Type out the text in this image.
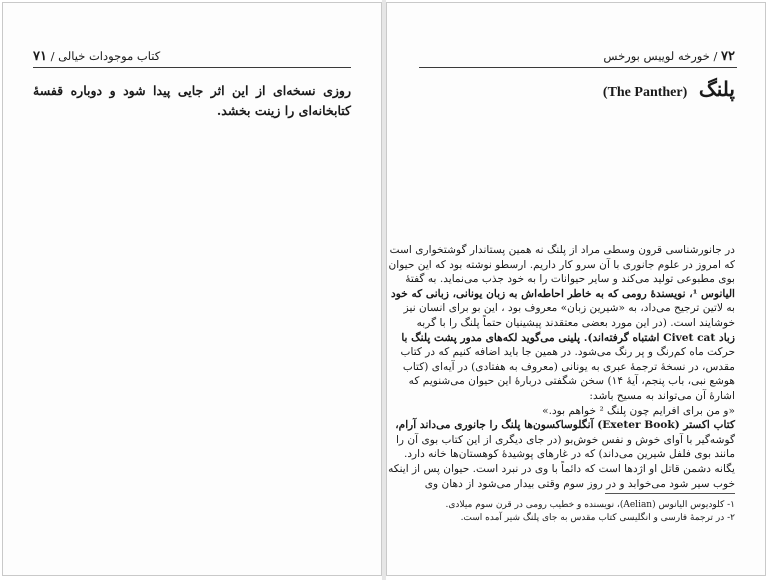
کتاب موجودات خیالی / ۷۱

روزی نسخه‌ای از این اثر جایی پیدا شود و دوباره قفسهٔ کتابخانه‌ای را زینت بخشد.

۷۲ / خورخه لوییس بورخس
پلنگ (The Panther)
در جانورشناسی قرون وسطی مراد از پلنگ نه همین پستاندار گوشتخواری است
که امروز در علوم جانوری با آن سرو کار داریم. ارسطو نوشته بود که این حیوان
بوی مطبوعی تولید می‌کند و سایر حیوانات را به خود جذب می‌نماید. به گفتهٔ
الیانوس ¹، نویسندهٔ رومی که به خاطر احاطه‌اش به زبان یونانی، زبانی که خود
به لاتین ترجیح می‌داد، به «شیرین زبان» معروف بود ، این بو برای انسان نیز
خوشایند است. (در این مورد بعضی معتقدند پیشینیان حتماً پلنگ را با گربه
زباد Civet cat اشتباه گرفته‌اند). پلینی می‌گوید لکه‌های مدور پشت پلنگ با
حرکت ماه کم‌رنگ و پر رنگ می‌شود. در همین جا باید اضافه کنیم که در کتاب
مقدس، در نسخهٔ ترجمهٔ عبری به یونانی (معروف به هفتادی) در آیه‌ای (کتاب
هوشع نبی، باب پنجم، آیهٔ ۱۴) سخن شگفتی دربارهٔ این حیوان می‌شنویم که
اشارهٔ آن می‌تواند به مسیح باشد:
«و من برای افرایم چون پلنگ ² خواهم بود.»
کتاب اکستر (Exeter Book) آنگلوساکسون‌ها پلنگ را جانوری می‌داند آرام،
گوشه‌گیر با آوای خوش و نفس خوش‌بو (در جای دیگری از این کتاب بوی آن را
مانند بوی فلفل شیرین می‌داند) که در غارهای پوشیدهٔ کوهستان‌ها خانه دارد.
یگانه دشمن قاتل او اژدها است که دائماً با وی در نبرد است. حیوان پس از اینکه
خوب سیر شود می‌خوابد و در روز سوم وقتی بیدار می‌شود از دهان وی
۱- کلودیوس الیانوس (Aelian)، نویسنده و خطیب رومی در قرن سوم میلادی.
۲- در ترجمهٔ فارسی و انگلیسی کتاب مقدس به جای پلنگ شیر آمده است.
